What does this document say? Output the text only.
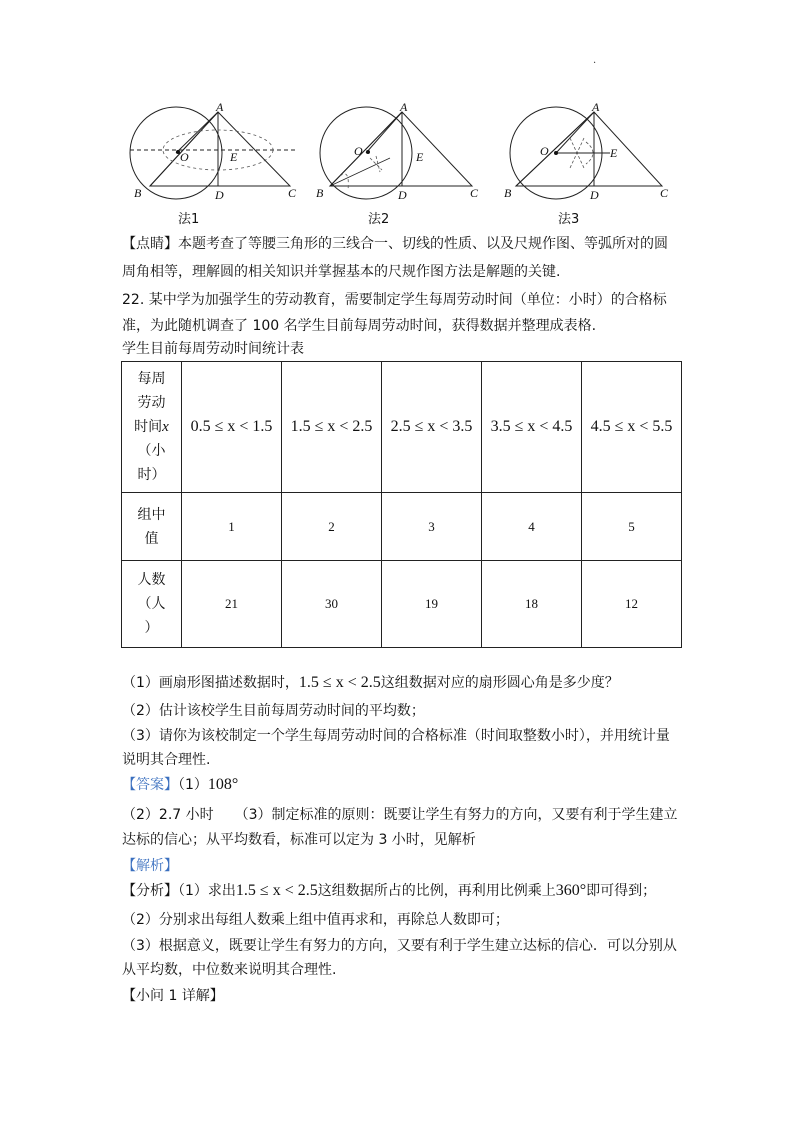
.
法1
A
O	E
B	D	C
法2
A
O	E
B	D	C
法3
A
O	E
B	D	C
【点睛】本题考查了等腰三角形的三线合一、切线的性质、以及尺规作图、等弧所对的圆
周角相等，理解圆的相关知识并掌握基本的尺规作图方法是解题的关键.
22. 某中学为加强学生的劳动教育，需要制定学生每周劳动时间（单位：小时）的合格标
准，为此随机调查了 100 名学生目前每周劳动时间，获得数据并整理成表格.
学生目前每周劳动时间统计表
每周
劳动
时间x
（小
时）	0.5 ≤ x < 1.5	1.5 ≤ x < 2.5	2.5 ≤ x < 3.5	3.5 ≤ x < 4.5	4.5 ≤ x < 5.5

组中
值	1	2	3	4	5

人数
（人
）	21	30	19	18	12
（1）画扇形图描述数据时，1.5 ≤ x < 2.5这组数据对应的扇形圆心角是多少度？
（2）估计该校学生目前每周劳动时间的平均数；
（3）请你为该校制定一个学生每周劳动时间的合格标准（时间取整数小时），并用统计量
说明其合理性.
【答案】（1）108°
（2）2.7 小时　　（3）制定标准的原则：既要让学生有努力的方向，又要有利于学生建立
达标的信心；从平均数看，标准可以定为 3 小时，见解析
【解析】
【分析】（1）求出1.5 ≤ x < 2.5这组数据所占的比例，再利用比例乘上360°即可得到；
（2）分别求出每组人数乘上组中值再求和，再除总人数即可；
（3）根据意义，既要让学生有努力的方向，又要有利于学生建立达标的信心．可以分别从
从平均数，中位数来说明其合理性.
【小问 1 详解】
